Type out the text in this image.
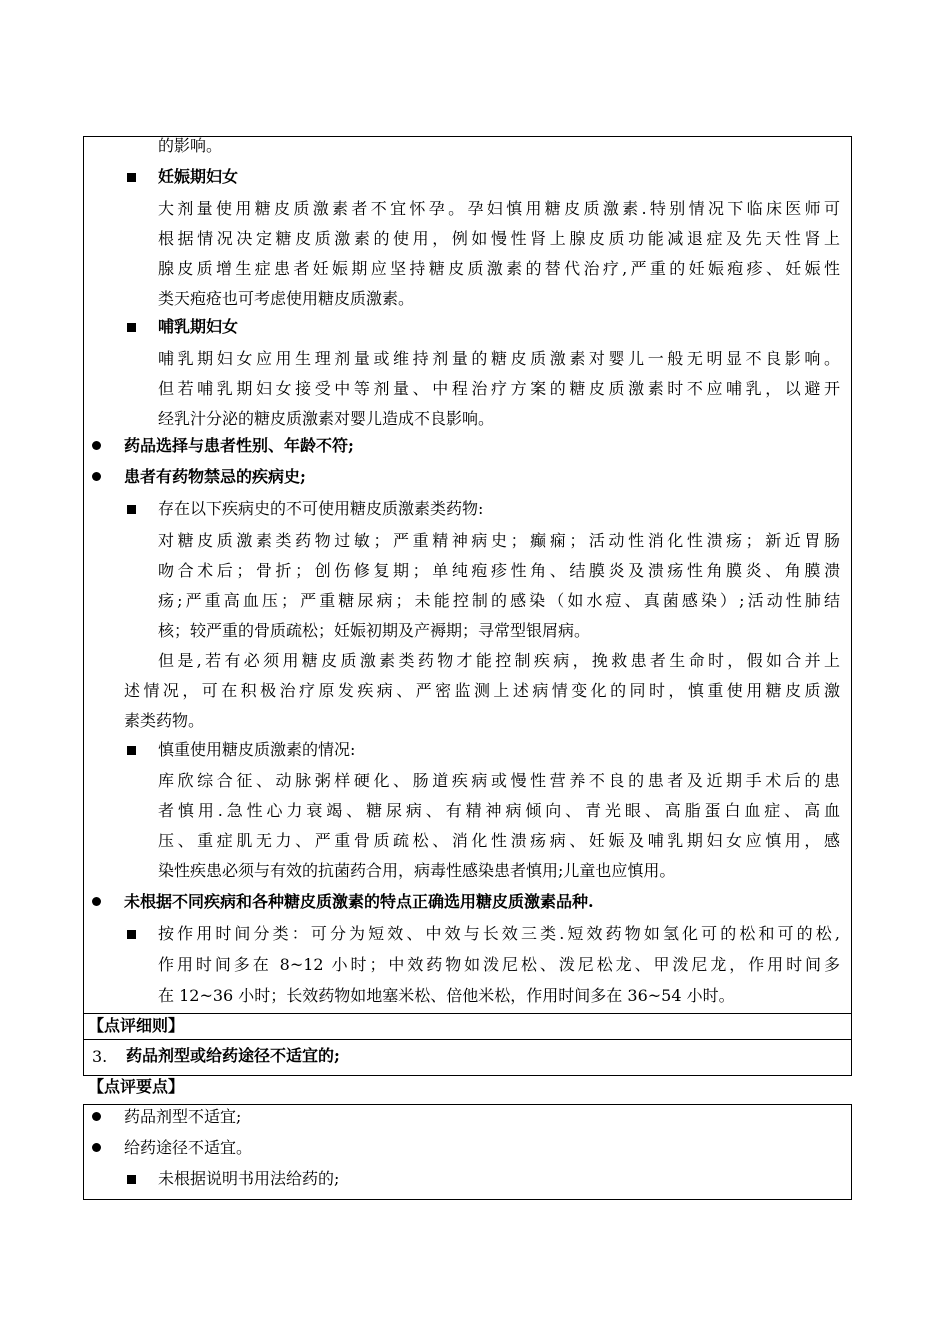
的影响。
妊娠期妇女
大剂量使用糖皮质激素者不宜怀孕。孕妇慎用糖皮质激素.特别情况下临床医师可
根据情况决定糖皮质激素的使用，例如慢性肾上腺皮质功能减退症及先天性肾上
腺皮质增生症患者妊娠期应坚持糖皮质激素的替代治疗,严重的妊娠疱疹、妊娠性
类天疱疮也可考虑使用糖皮质激素。
哺乳期妇女
哺乳期妇女应用生理剂量或维持剂量的糖皮质激素对婴儿一般无明显不良影响。
但若哺乳期妇女接受中等剂量、中程治疗方案的糖皮质激素时不应哺乳，以避开
经乳汁分泌的糖皮质激素对婴儿造成不良影响。
药品选择与患者性别、年龄不符;
患者有药物禁忌的疾病史;
存在以下疾病史的不可使用糖皮质激素类药物:
对糖皮质激素类药物过敏；严重精神病史；癫痫；活动性消化性溃疡；新近胃肠
吻合术后；骨折；创伤修复期；单纯疱疹性角、结膜炎及溃疡性角膜炎、角膜溃
疡;严重高血压；严重糖尿病；未能控制的感染（如水痘、真菌感染）;活动性肺结
核；较严重的骨质疏松；妊娠初期及产褥期；寻常型银屑病。
但是,若有必须用糖皮质激素类药物才能控制疾病，挽救患者生命时，假如合并上
述情况，可在积极治疗原发疾病、严密监测上述病情变化的同时，慎重使用糖皮质激
素类药物。
慎重使用糖皮质激素的情况:
库欣综合征、动脉粥样硬化、肠道疾病或慢性营养不良的患者及近期手术后的患
者慎用.急性心力衰竭、糖尿病、有精神病倾向、青光眼、高脂蛋白血症、高血
压、重症肌无力、严重骨质疏松、消化性溃疡病、妊娠及哺乳期妇女应慎用，感
染性疾患必须与有效的抗菌药合用，病毒性感染患者慎用;儿童也应慎用。
未根据不同疾病和各种糖皮质激素的特点正确选用糖皮质激素品种.
按作用时间分类：可分为短效、中效与长效三类.短效药物如氢化可的松和可的松,
作用时间多在 8~12 小时；中效药物如泼尼松、泼尼松龙、甲泼尼龙，作用时间多
在 12~36 小时；长效药物如地塞米松、倍他米松，作用时间多在 36~54 小时。
【点评细则】
3. 药品剂型或给药途径不适宜的;
【点评要点】
药品剂型不适宜;
给药途径不适宜。
未根据说明书用法给药的;
